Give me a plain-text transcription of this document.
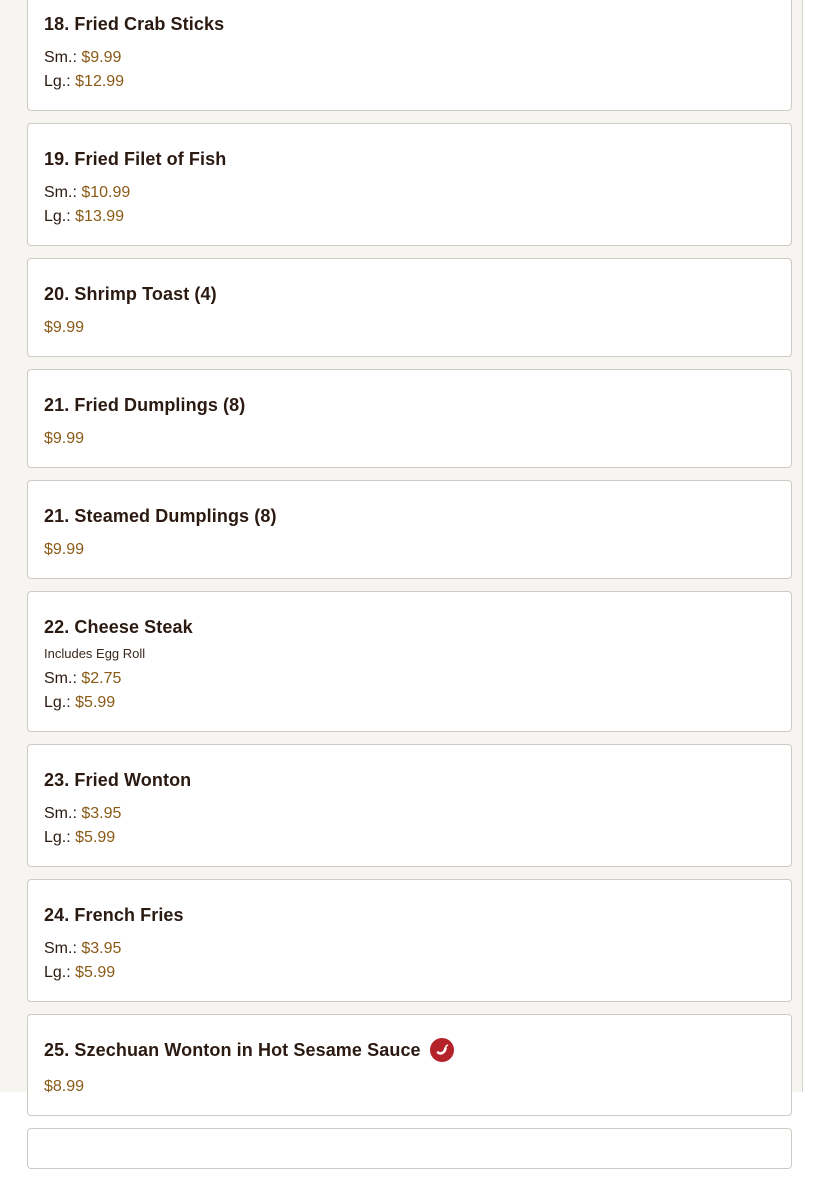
18. Fried Crab Sticks
Sm.: $9.99
Lg.: $12.99
19. Fried Filet of Fish
Sm.: $10.99
Lg.: $13.99
20. Shrimp Toast (4)
$9.99
21. Fried Dumplings (8)
$9.99
21. Steamed Dumplings (8)
$9.99
22. Cheese Steak
Includes Egg Roll
Sm.: $2.75
Lg.: $5.99
23. Fried Wonton
Sm.: $3.95
Lg.: $5.99
24. French Fries
Sm.: $3.95
Lg.: $5.99
25. Szechuan Wonton in Hot Sesame Sauce
$8.99
